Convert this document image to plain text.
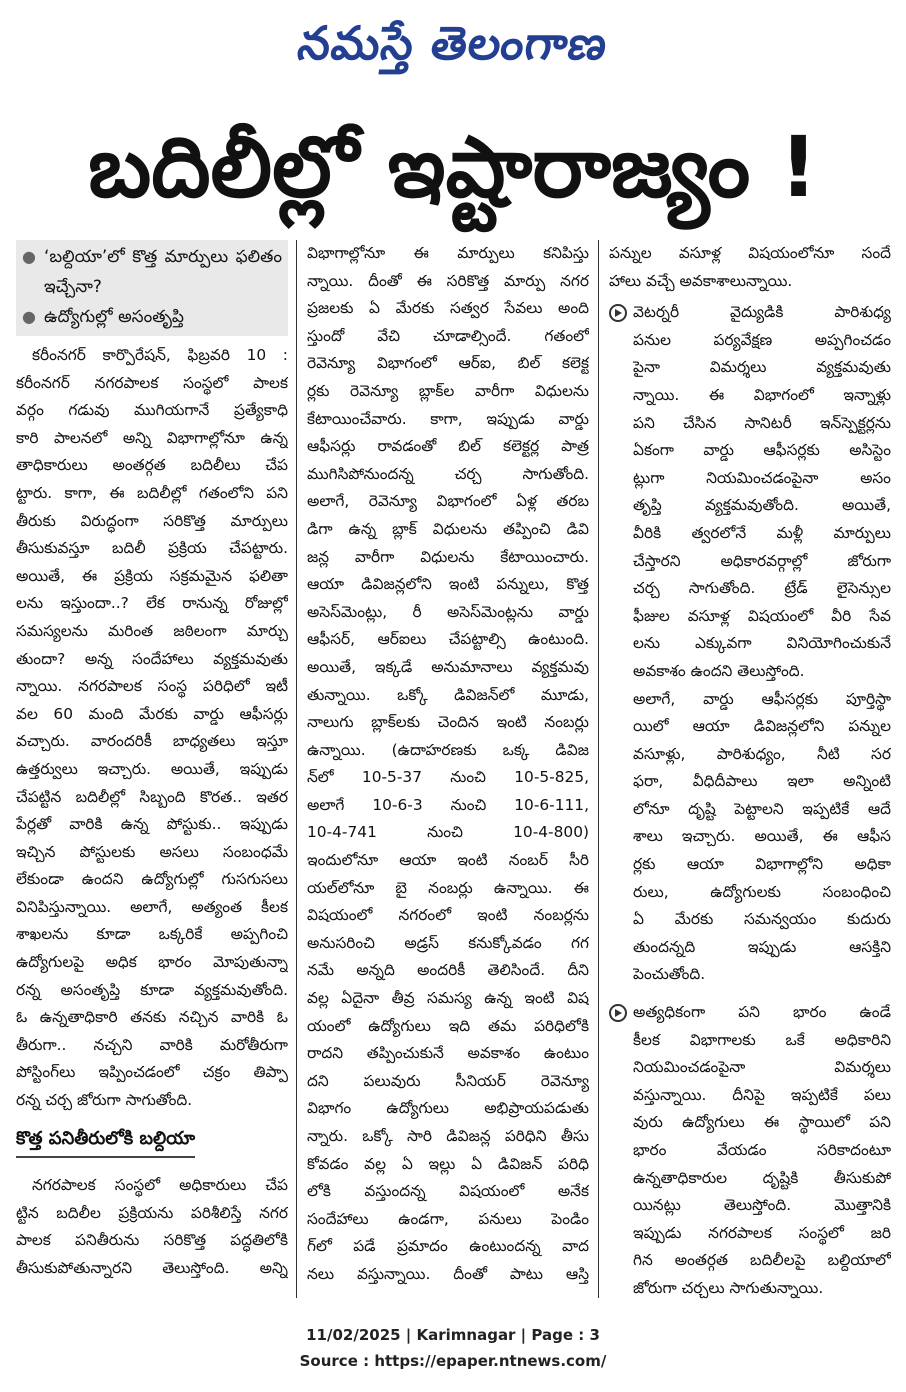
నమస్తే తెలంగాణ
బదిలీల్లో ఇష్టారాజ్యం !
● ‘బల్దియా’లో కొత్త మార్పులు ఫలితం ఇచ్చేనా?
● ఉద్యోగుల్లో అసంతృప్తి
కరీంనగర్ కార్పొరేషన్, ఫిబ్రవరి 10 :
కరీంనగర్ నగరపాలక సంస్థలో పాలక
వర్గం గడువు ముగియగానే ప్రత్యేకాధి
కారి పాలనలో అన్ని విభాగాల్లోనూ ఉన్న
తాధికారులు అంతర్గత బదిలీలు చేప
ట్టారు. కాగా, ఈ బదిలీల్లో గతంలోని పని
తీరుకు విరుద్ధంగా సరికొత్త మార్పులు
తీసుకువస్తూ బదిలీ ప్రక్రియ చేపట్టారు.
అయితే, ఈ ప్రక్రియ సక్రమమైన ఫలితా
లను ఇస్తుందా..? లేక రానున్న రోజుల్లో
సమస్యలను మరింత జఠిలంగా మార్చు
తుందా? అన్న సందేహాలు వ్యక్తమవుతు
న్నాయి. నగరపాలక సంస్థ పరిధిలో ఇటీ
వల 60 మంది మేరకు వార్డు ఆఫీసర్లు
వచ్చారు. వారందరికీ బాధ్యతలు ఇస్తూ
ఉత్తర్వులు ఇచ్చారు. అయితే, ఇప్పుడు
చేపట్టిన బదిలీల్లో సిబ్బంది కొరత.. ఇతర
పేర్లతో వారికి ఉన్న పోస్టుకు.. ఇప్పుడు
ఇచ్చిన పోస్టులకు అసలు సంబంధమే
లేకుండా ఉందని ఉద్యోగుల్లో గుసగుసలు
వినిపిస్తున్నాయి. అలాగే, అత్యంత కీలక
శాఖలను కూడా ఒక్కరికే అప్పగించి
ఉద్యోగులపై అధిక భారం మోపుతున్నా
రన్న అసంతృప్తి కూడా వ్యక్తమవుతోంది.
ఓ ఉన్నతాధికారి తనకు నచ్చిన వారికి ఓ
తీరుగా.. నచ్చని వారికి మరోతీరుగా
పోస్టింగ్‌లు ఇప్పించడంలో చక్రం తిప్పా
రన్న చర్చ జోరుగా సాగుతోంది.
కొత్త పనితీరులోకి బల్దియా
నగరపాలక సంస్థలో అధికారులు చేప
ట్టిన బదిలీల ప్రక్రియను పరిశీలిస్తే నగర
పాలక పనితీరును సరికొత్త పద్ధతిలోకి
తీసుకుపోతున్నారని తెలుస్తోంది. అన్ని
విభాగాల్లోనూ ఈ మార్పులు కనిపిస్తు
న్నాయి. దీంతో ఈ సరికొత్త మార్పు నగర
ప్రజలకు ఏ మేరకు సత్వర సేవలు అంది
స్తుందో వేచి చూడాల్సిందే. గతంలో
రెవెన్యూ విభాగంలో ఆర్ఐ, బిల్ కలెక్ట
ర్లకు రెవెన్యూ బ్లాక్‌ల వారీగా విధులను
కేటాయించేవారు. కాగా, ఇప్పుడు వార్డు
ఆఫీసర్లు రావడంతో బిల్ కలెక్టర్ల పాత్ర
ముగిసిపోనుందన్న చర్చ సాగుతోంది.
అలాగే, రెవెన్యూ విభాగంలో ఏళ్ల తరబ
డిగా ఉన్న బ్లాక్ విధులను తప్పించి డివి
జన్ల వారీగా విధులను కేటాయించారు.
ఆయా డివిజన్లలోని ఇంటి పన్నులు, కొత్త
అసెస్‌మెంట్లు, రీ అసెస్‌మెంట్లను వార్డు
ఆఫీసర్, ఆర్ఐలు చేపట్టాల్సి ఉంటుంది.
అయితే, ఇక్కడే అనుమానాలు వ్యక్తమవు
తున్నాయి. ఒక్కో డివిజన్‌లో మూడు,
నాలుగు బ్లాక్‌లకు చెందిన ఇంటి నంబర్లు
ఉన్నాయి. (ఉదాహరణకు ఒక్క డివిజ
న్‌లో 10-5-37 నుంచి 10-5-825,
అలాగే 10-6-3 నుంచి 10-6-111,
10-4-741 నుంచి 10-4-800)
ఇందులోనూ ఆయా ఇంటి నంబర్ సీరి
యల్‌లోనూ బై నంబర్లు ఉన్నాయి. ఈ
విషయంలో నగరంలో ఇంటి నంబర్లను
అనుసరించి అడ్రస్ కనుక్కోవడం గగ
నమే అన్నది అందరికీ తెలిసిందే. దీని
వల్ల ఏదైనా తీవ్ర సమస్య ఉన్న ఇంటి విష
యంలో ఉద్యోగులు ఇది తమ పరిధిలోకి
రాదని తప్పించుకునే అవకాశం ఉంటుం
దని పలువురు సీనియర్ రెవెన్యూ
విభాగం ఉద్యోగులు అభిప్రాయపడుతు
న్నారు. ఒక్కో సారి డివిజన్ల పరిధిని తీసు
కోవడం వల్ల ఏ ఇల్లు ఏ డివిజన్ పరిధి
లోకి వస్తుందన్న విషయంలో అనేక
సందేహాలు ఉండగా, పనులు పెండిం
గ్‌లో పడే ప్రమాదం ఉంటుందన్న వాద
నలు వస్తున్నాయి. దీంతో పాటు ఆస్తి
పన్నుల వసూళ్ల విషయంలోనూ సందే
హాలు వచ్చే అవకాశాలున్నాయి.
వెటర్నరీ వైద్యుడికి పారిశుధ్య
పనుల పర్యవేక్షణ అప్పగించడం
పైనా విమర్శలు వ్యక్తమవుతు
న్నాయి. ఈ విభాగంలో ఇన్నాళ్లు
పని చేసిన సానిటరీ ఇన్‌స్పెక్టర్లను
ఏకంగా వార్డు ఆఫీసర్లకు అసిస్టెం
ట్లుగా నియమించడంపైనా అసం
తృప్తి వ్యక్తమవుతోంది. అయితే,
వీరికి త్వరలోనే మళ్లీ మార్పులు
చేస్తారని అధికారవర్గాల్లో జోరుగా
చర్చ సాగుతోంది. ట్రేడ్ లైసెన్సుల
ఫీజుల వసూళ్ల విషయంలో వీరి సేవ
లను ఎక్కువగా వినియోగించుకునే
అవకాశం ఉందని తెలుస్తోంది.
అలాగే, వార్డు ఆఫీసర్లకు పూర్తిస్థా
యిలో ఆయా డివిజన్లలోని పన్నుల
వసూళ్లు, పారిశుధ్యం, నీటి సర
ఫరా, వీధిదీపాలు ఇలా అన్నింటి
లోనూ దృష్టి పెట్టాలని ఇప్పటికే ఆదే
శాలు ఇచ్చారు. అయితే, ఈ ఆఫీస
ర్లకు ఆయా విభాగాల్లోని అధికా
రులు, ఉద్యోగులకు సంబంధించి
ఏ మేరకు సమన్వయం కుదురు
తుందన్నది ఇప్పుడు ఆసక్తిని
పెంచుతోంది.
అత్యధికంగా పని భారం ఉండే
కీలక విభాగాలకు ఒకే అధికారిని
నియమించడంపైనా విమర్శలు
వస్తున్నాయి. దీనిపై ఇప్పటికే పలు
వురు ఉద్యోగులు ఈ స్థాయిలో పని
భారం వేయడం సరికాదంటూ
ఉన్నతాధికారుల దృష్టికి తీసుకుపో
యినట్లు తెలుస్తోంది. మొత్తానికి
ఇప్పుడు నగరపాలక సంస్థలో జరి
గిన అంతర్గత బదిలీలపై బల్దియాలో
జోరుగా చర్చలు సాగుతున్నాయి.
11/02/2025 | Karimnagar | Page : 3
Source : https://epaper.ntnews.com/
